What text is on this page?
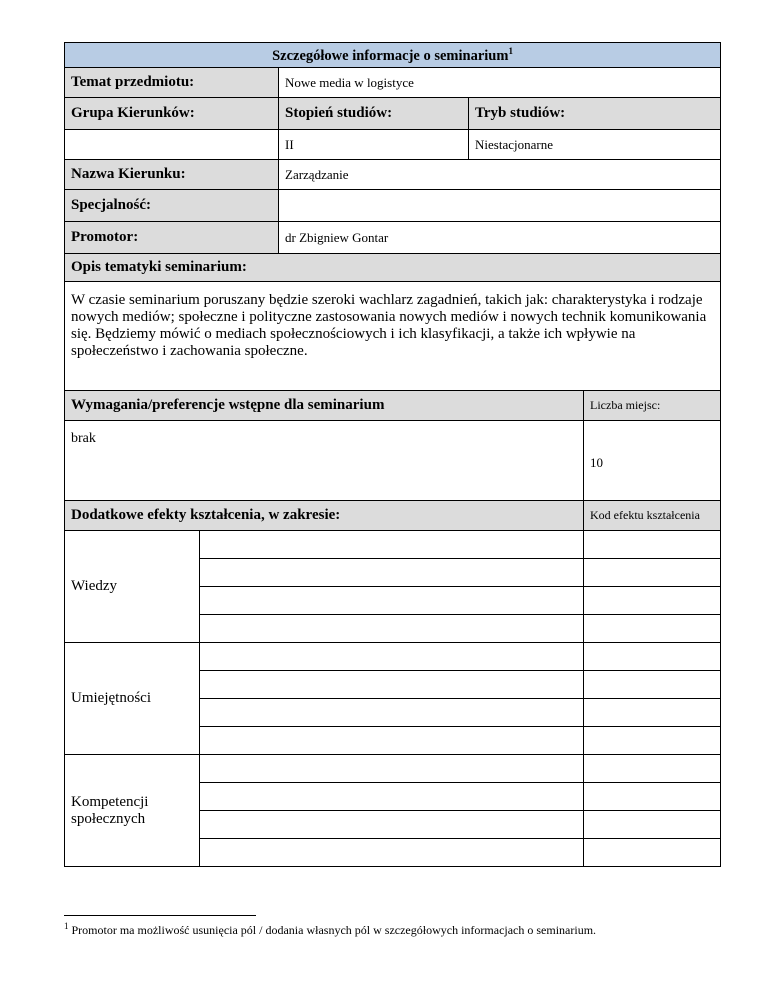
Szczegółowe informacje o seminarium$^1$
Temat przedmiotu:		Nowe media w logistyce		
Grupa Kierunków:		Stopień studiów:	Tryb studiów:	
		II	Niestacjonarne	
Nazwa Kierunku:		Zarządzanie		
Specjalność:				
Promotor:		dr Zbigniew Gontar		
Opis tematyki seminarium:				
W czasie seminarium poruszany będzie szeroki wachlarz zagadnień, takich jak: charakterystyka i rodzaje nowych mediów; społeczne i polityczne zastosowania nowych mediów i nowych technik komunikowania się. Będziemy mówić o mediach społecznościowych i ich klasyfikacji, a także ich wpływie na społeczeństwo i zachowania społeczne.				
Wymagania/preferencje wstępne dla seminarium				Liczba miejsc:
brak				10
Dodatkowe efekty kształcenia, w zakresie:				Kod efektu kształcenia
Wiedzy				

Umiejętności				

Kompetencji społecznych				

$^1$ Promotor ma możliwość usunięcia pól / dodania własnych pól w szczegółowych informacjach o seminarium.
